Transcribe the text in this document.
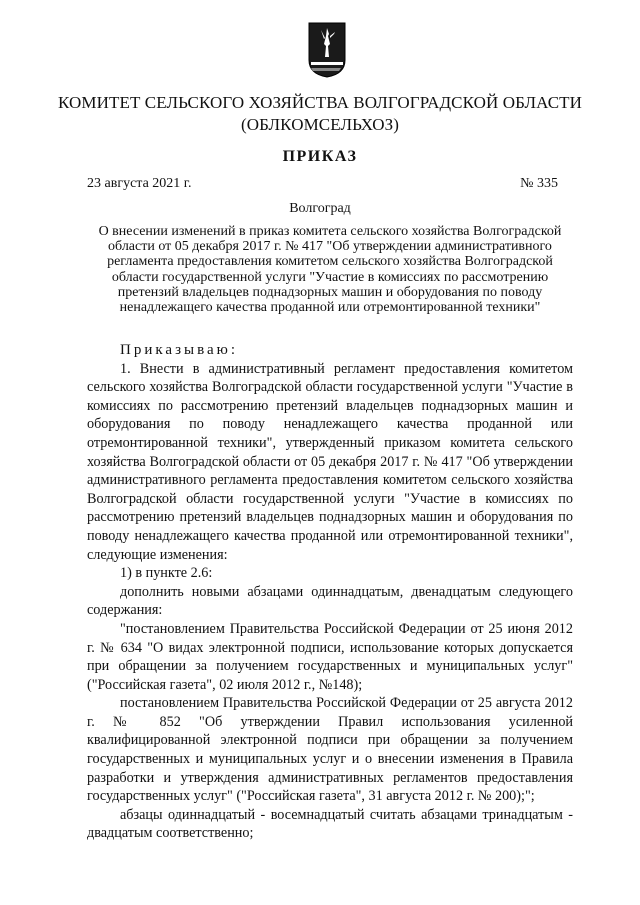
КОМИТЕТ СЕЛЬСКОГО ХОЗЯЙСТВА ВОЛГОГРАДСКОЙ ОБЛАСТИ
(ОБЛКОМСЕЛЬХОЗ)
ПРИКАЗ
23 августа 2021 г.	№ 335
Волгоград
О внесении изменений в приказ комитета сельского хозяйства Волгоградской области от 05 декабря 2017 г. № 417 "Об утверждении административного регламента предоставления комитетом сельского хозяйства Волгоградской области государственной услуги "Участие в комиссиях по рассмотрению претензий владельцев поднадзорных машин и оборудования по поводу ненадлежащего качества проданной или отремонтированной техники"

Приказываю:

1. Внести в административный регламент предоставления комитетом сельского хозяйства Волгоградской области государственной услуги "Участие в комиссиях по рассмотрению претензий владельцев поднадзорных машин и оборудования по поводу ненадлежащего качества проданной или отремонтированной техники", утвержденный приказом комитета сельского хозяйства Волгоградской области от 05 декабря 2017 г. № 417 "Об утверждении административного регламента предоставления комитетом сельского хозяйства Волгоградской области государственной услуги "Участие в комиссиях по рассмотрению претензий владельцев поднадзорных машин и оборудования по поводу ненадлежащего качества проданной или отремонтированной техники", следующие изменения:

1) в пункте 2.6:

дополнить новыми абзацами одиннадцатым, двенадцатым следующего содержания:

"постановлением Правительства Российской Федерации от 25 июня 2012 г. № 634 "О видах электронной подписи, использование которых допускается при обращении за получением государственных и муниципальных услуг" ("Российская газета", 02 июля 2012 г., №148);

постановлением Правительства Российской Федерации от 25 августа 2012 г. № 852 "Об утверждении Правил использования усиленной квалифицированной электронной подписи при обращении за получением государственных и муниципальных услуг и о внесении изменения в Правила разработки и утверждения административных регламентов предоставления государственных услуг" ("Российская газета", 31 августа 2012 г. № 200);";

абзацы одиннадцатый - восемнадцатый считать абзацами тринадцатым - двадцатым соответственно;
